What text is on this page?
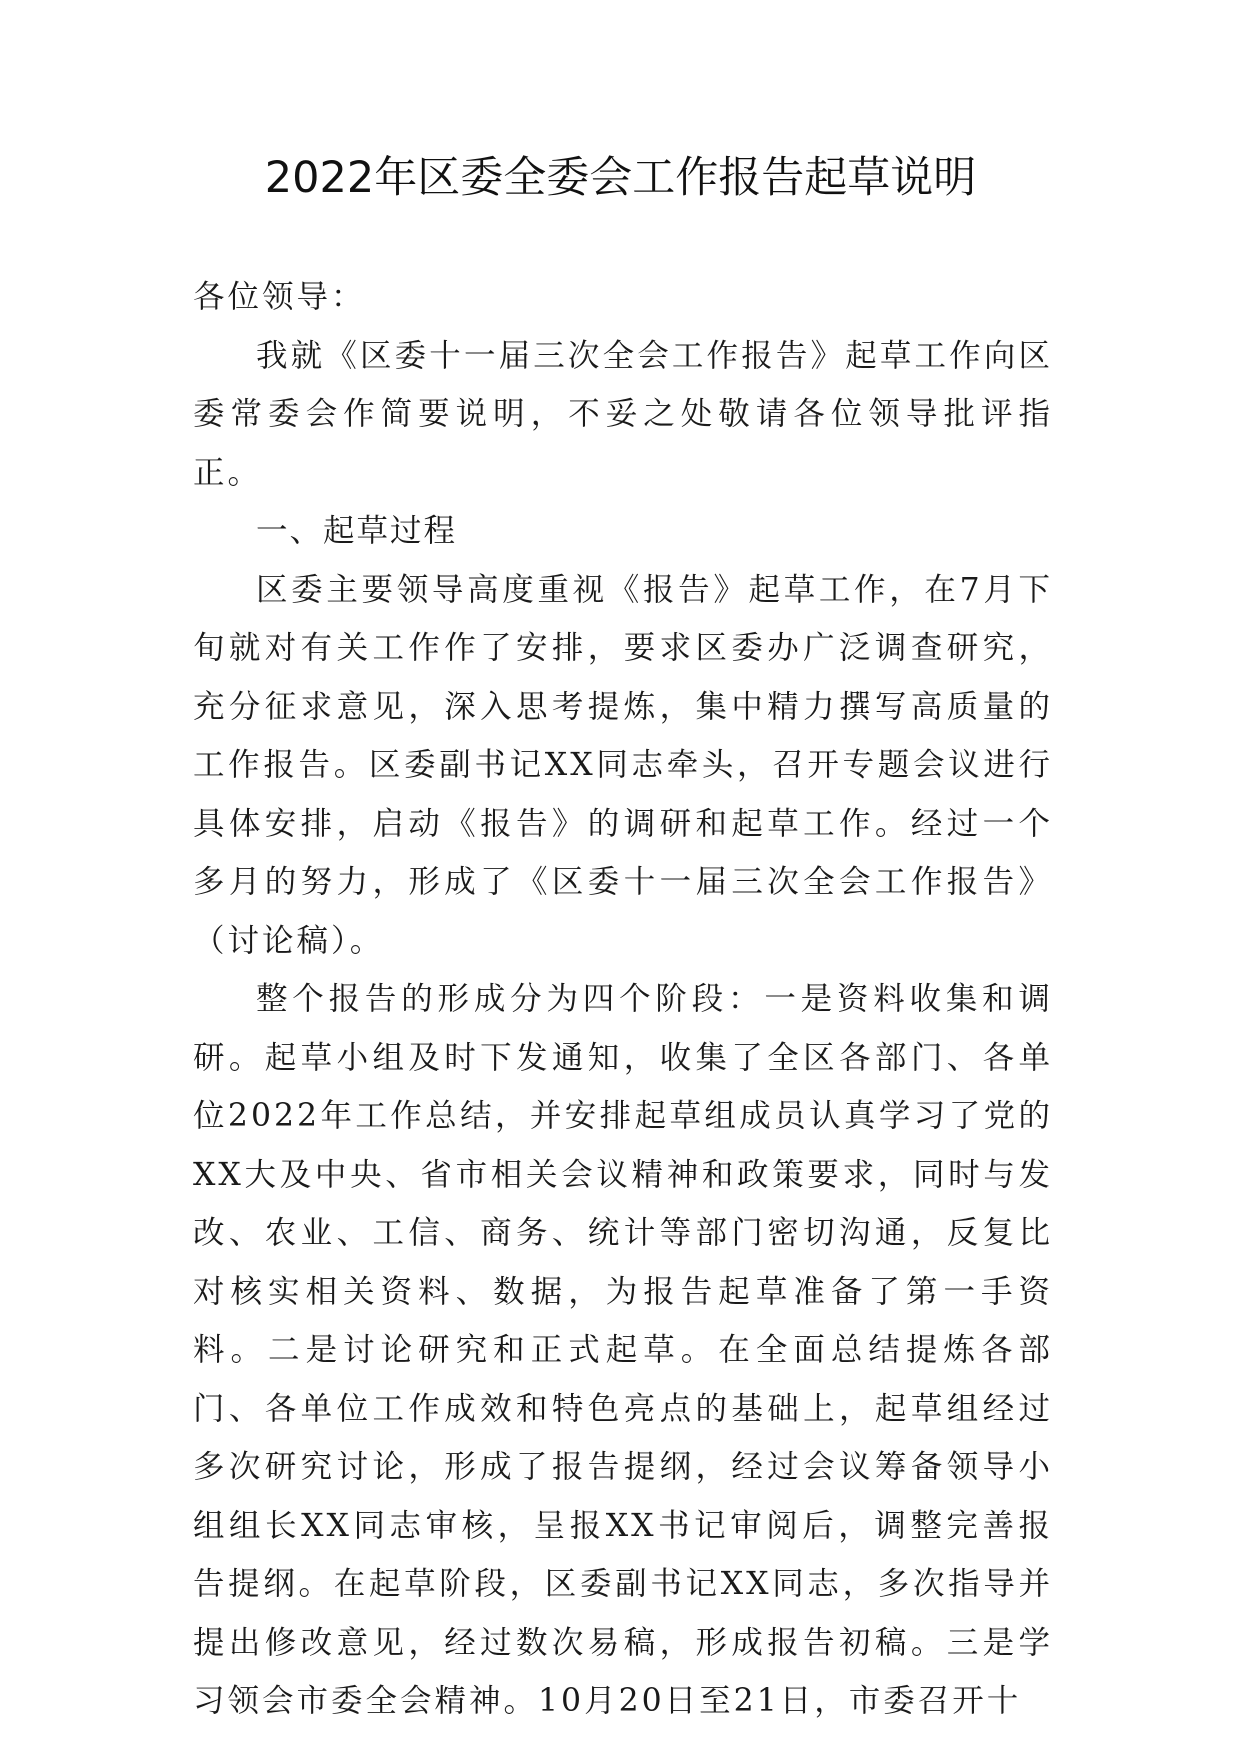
2022年区委全委会工作报告起草说明

各位领导：

我就《区委十一届三次全会工作报告》起草工作向区委常委会作简要说明，不妥之处敬请各位领导批评指正。

一、起草过程

区委主要领导高度重视《报告》起草工作，在7月下旬就对有关工作作了安排，要求区委办广泛调查研究，充分征求意见，深入思考提炼，集中精力撰写高质量的工作报告。区委副书记XX同志牵头，召开专题会议进行具体安排，启动《报告》的调研和起草工作。经过一个多月的努力，形成了《区委十一届三次全会工作报告》（讨论稿）。

整个报告的形成分为四个阶段：一是资料收集和调研。起草小组及时下发通知，收集了全区各部门、各单位2022年工作总结，并安排起草组成员认真学习了党的XX大及中央、省市相关会议精神和政策要求，同时与发改、农业、工信、商务、统计等部门密切沟通，反复比对核实相关资料、数据，为报告起草准备了第一手资料。二是讨论研究和正式起草。在全面总结提炼各部门、各单位工作成效和特色亮点的基础上，起草组经过多次研究讨论，形成了报告提纲，经过会议筹备领导小组组长XX同志审核，呈报XX书记审阅后，调整完善报告提纲。在起草阶段，区委副书记XX同志，多次指导并提出修改意见，经过数次易稿，形成报告初稿。三是学习领会市委全会精神。10月20日至21日，市委召开十
